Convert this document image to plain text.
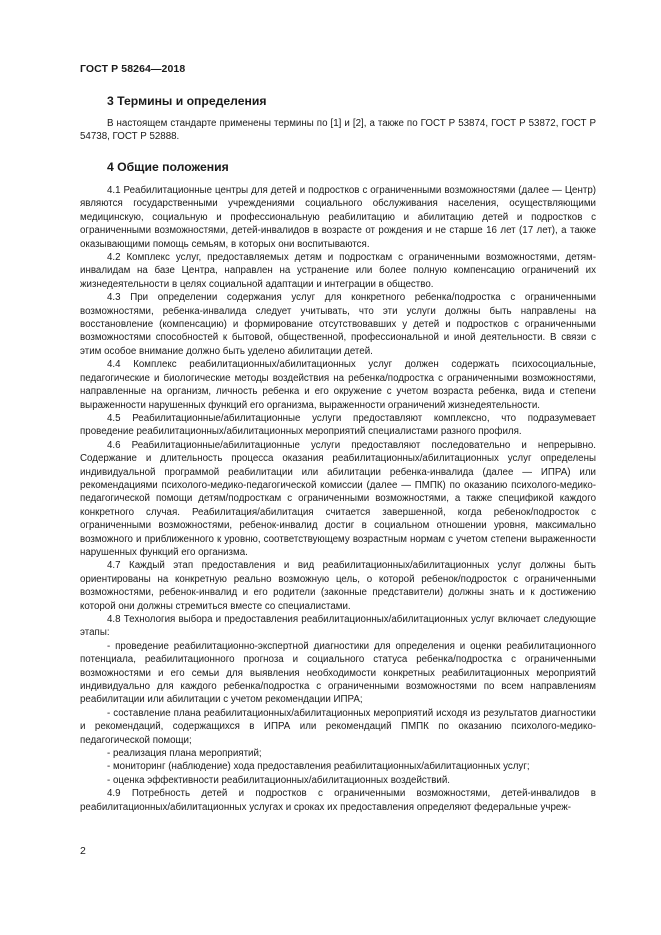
ГОСТ Р 58264—2018
3 Термины и определения

В настоящем стандарте применены термины по [1] и [2], а также по ГОСТ Р 53874, ГОСТ Р 53872, ГОСТ Р 54738, ГОСТ Р 52888.

4 Общие положения

4.1 Реабилитационные центры для детей и подростков с ограниченными возможностями (далее — Центр) являются государственными учреждениями социального обслуживания населения, осуществляющими медицинскую, социальную и профессиональную реабилитацию и абилитацию детей и подростков с ограниченными возможностями, детей-инвалидов в возрасте от рождения и не старше 16 лет (17 лет), а также оказывающими помощь семьям, в которых они воспитываются.

4.2 Комплекс услуг, предоставляемых детям и подросткам с ограниченными возможностями, детям-инвалидам на базе Центра, направлен на устранение или более полную компенсацию ограничений их жизнедеятельности в целях социальной адаптации и интеграции в общество.

4.3 При определении содержания услуг для конкретного ребенка/подростка с ограниченными возможностями, ребенка-инвалида следует учитывать, что эти услуги должны быть направлены на восстановление (компенсацию) и формирование отсутствовавших у детей и подростков с ограниченными возможностями способностей к бытовой, общественной, профессиональной и иной деятельности. В связи с этим особое внимание должно быть уделено абилитации детей.

4.4 Комплекс реабилитационных/абилитационных услуг должен содержать психосоциальные, педагогические и биологические методы воздействия на ребенка/подростка с ограниченными возможностями, направленные на организм, личность ребенка и его окружение с учетом возраста ребенка, вида и степени выраженности нарушенных функций его организма, выраженности ограничений жизнедеятельности.

4.5 Реабилитационные/абилитационные услуги предоставляют комплексно, что подразумевает проведение реабилитационных/абилитационных мероприятий специалистами разного профиля.

4.6 Реабилитационные/абилитационные услуги предоставляют последовательно и непрерывно. Содержание и длительность процесса оказания реабилитационных/абилитационных услуг определены индивидуальной программой реабилитации или абилитации ребенка-инвалида (далее — ИПРА) или рекомендациями психолого-медико-педагогической комиссии (далее — ПМПК) по оказанию психолого-медико-педагогической помощи детям/подросткам с ограниченными возможностями, а также спецификой каждого конкретного случая. Реабилитация/абилитация считается завершенной, когда ребенок/подросток с ограниченными возможностями, ребенок-инвалид достиг в социальном отношении уровня, максимально возможного и приближенного к уровню, соответствующему возрастным нормам с учетом степени выраженности нарушенных функций его организма.

4.7 Каждый этап предоставления и вид реабилитационных/абилитационных услуг должны быть ориентированы на конкретную реально возможную цель, о которой ребенок/подросток с ограниченными возможностями, ребенок-инвалид и его родители (законные представители) должны знать и к достижению которой они должны стремиться вместе со специалистами.

4.8 Технология выбора и предоставления реабилитационных/абилитационных услуг включает следующие этапы:

- проведение реабилитационно-экспертной диагностики для определения и оценки реабилитационного потенциала, реабилитационного прогноза и социального статуса ребенка/подростка с ограниченными возможностями и его семьи для выявления необходимости конкретных реабилитационных мероприятий индивидуально для каждого ребенка/подростка с ограниченными возможностями по всем направлениям реабилитации или абилитации с учетом рекомендации ИПРА;

- составление плана реабилитационных/абилитационных мероприятий исходя из результатов диагностики и рекомендаций, содержащихся в ИПРА или рекомендаций ПМПК по оказанию психолого-медико-педагогической помощи;

- реализация плана мероприятий;

- мониторинг (наблюдение) хода предоставления реабилитационных/абилитационных услуг;

- оценка эффективности реабилитационных/абилитационных воздействий.

4.9 Потребность детей и подростков с ограниченными возможностями, детей-инвалидов в реабилитационных/абилитационных услугах и сроках их предоставления определяют федеральные учреж-

2
